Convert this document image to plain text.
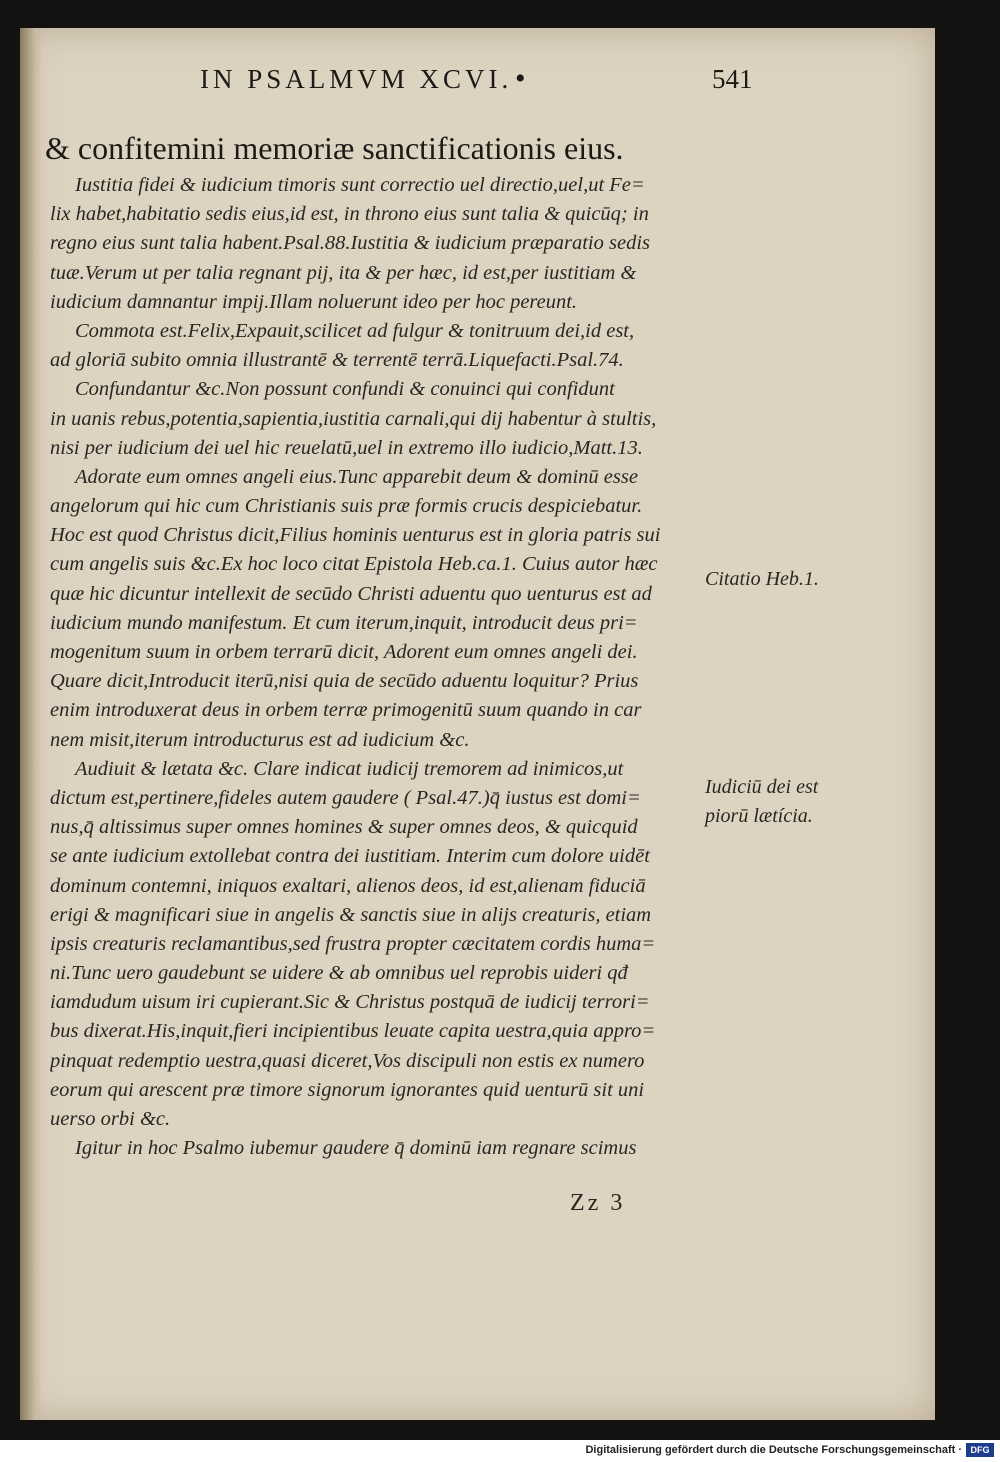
IN PSALMVM XCVI. •	541
& confitemini memoriæ sanctificationis eius.
Iustitia fidei & iudicium timoris sunt correctio uel directio,uel,ut Fe=
lix habet,habitatio sedis eius,id est, in throno eius sunt talia & quicūq; in
regno eius sunt talia habent.Psal.88.Iustitia & iudicium præparatio sedis
tuæ.Verum ut per talia regnant pij, ita & per hæc, id est,per iustitiam &
iudicium damnantur impij.Illam noluerunt ideo per hoc pereunt.
Commota est.Felix,Expauit,scilicet ad fulgur & tonitruum dei,id est,
ad gloriā subito omnia illustrantē & terrentē terrā.Liquefacti.Psal.74.
Confundantur &c.Non possunt confundi & conuinci qui confidunt
in uanis rebus,potentia,sapientia,iustitia carnali,qui dij habentur à stultis,
nisi per iudicium dei uel hic reuelatū,uel in extremo illo iudicio,Matt.13.
Adorate eum omnes angeli eius.Tunc apparebit deum & dominū esse
angelorum qui hic cum Christianis suis præ formis crucis despiciebatur.
Hoc est quod Christus dicit,Filius hominis uenturus est in gloria patris sui
cum angelis suis &c.Ex hoc loco citat Epistola Heb.ca.1. Cuius autor hæc
quæ hic dicuntur intellexit de secūdo Christi aduentu quo uenturus est ad
iudicium mundo manifestum. Et cum iterum,inquit, introducit deus pri=
mogenitum suum in orbem terrarū dicit, Adorent eum omnes angeli dei.
Quare dicit,Introducit iterū,nisi quia de secūdo aduentu loquitur? Prius
enim introduxerat deus in orbem terræ primogenitū suum quando in car
nem misit,iterum introducturus est ad iudicium &c.
Audiuit & lætata &c. Clare indicat iudicij tremorem ad inimicos,ut
dictum est,pertinere,fideles autem gaudere ( Psal.47.)q̄ iustus est domi=
nus,q̄ altissimus super omnes homines & super omnes deos, & quicquid
se ante iudicium extollebat contra dei iustitiam. Interim cum dolore uidēt
dominum contemni, iniquos exaltari, alienos deos, id est,alienam fiduciā
erigi & magnificari siue in angelis & sanctis siue in alijs creaturis, etiam
ipsis creaturis reclamantibus,sed frustra propter cæcitatem cordis huma=
ni.Tunc uero gaudebunt se uidere & ab omnibus uel reprobis uideri qđ
iamdudum uisum iri cupierant.Sic & Christus postquā de iudicij terrori=
bus dixerat.His,inquit,fieri incipientibus leuate capita uestra,quia appro=
pinquat redemptio uestra,quasi diceret,Vos discipuli non estis ex numero
eorum qui arescent præ timore signorum ignorantes quid uenturū sit uni
uerso orbi &c.
Igitur in hoc Psalmo iubemur gaudere q̄ dominū iam regnare scimus
Citatio Heb.1.
Iudiciū dei est
piorū lætícia.
Zz 3
Digitalisierung gefördert durch die Deutsche Forschungsgemeinschaft · DFG
